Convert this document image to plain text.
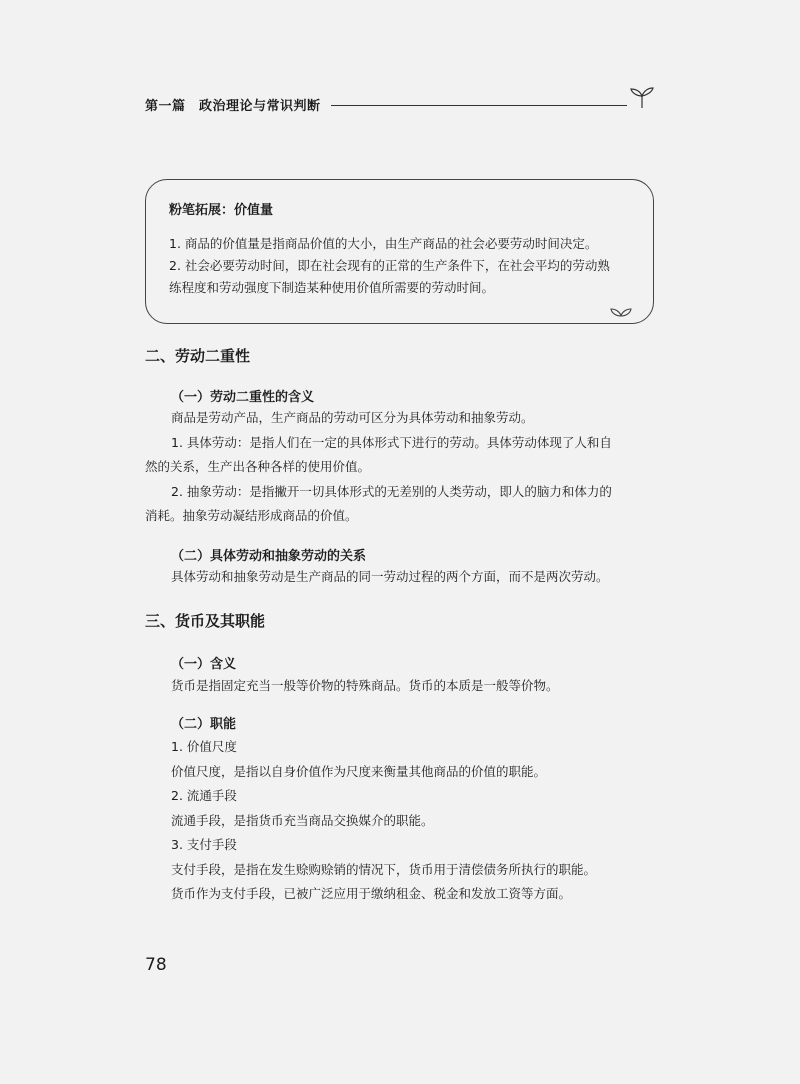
第一篇　政治理论与常识判断
粉笔拓展：价值量

1. 商品的价值量是指商品价值的大小，由生产商品的社会必要劳动时间决定。

2. 社会必要劳动时间，即在社会现有的正常的生产条件下，在社会平均的劳动熟

练程度和劳动强度下制造某种使用价值所需要的劳动时间。

二、劳动二重性
（一）劳动二重性的含义

商品是劳动产品，生产商品的劳动可区分为具体劳动和抽象劳动。

1. 具体劳动：是指人们在一定的具体形式下进行的劳动。具体劳动体现了人和自

然的关系，生产出各种各样的使用价值。

2. 抽象劳动：是指撇开一切具体形式的无差别的人类劳动，即人的脑力和体力的

消耗。抽象劳动凝结形成商品的价值。

（二）具体劳动和抽象劳动的关系

具体劳动和抽象劳动是生产商品的同一劳动过程的两个方面，而不是两次劳动。

三、货币及其职能
（一）含义

货币是指固定充当一般等价物的特殊商品。货币的本质是一般等价物。

（二）职能

1. 价值尺度

价值尺度，是指以自身价值作为尺度来衡量其他商品的价值的职能。

2. 流通手段

流通手段，是指货币充当商品交换媒介的职能。

3. 支付手段

支付手段，是指在发生赊购赊销的情况下，货币用于清偿债务所执行的职能。

货币作为支付手段，已被广泛应用于缴纳租金、税金和发放工资等方面。

78
